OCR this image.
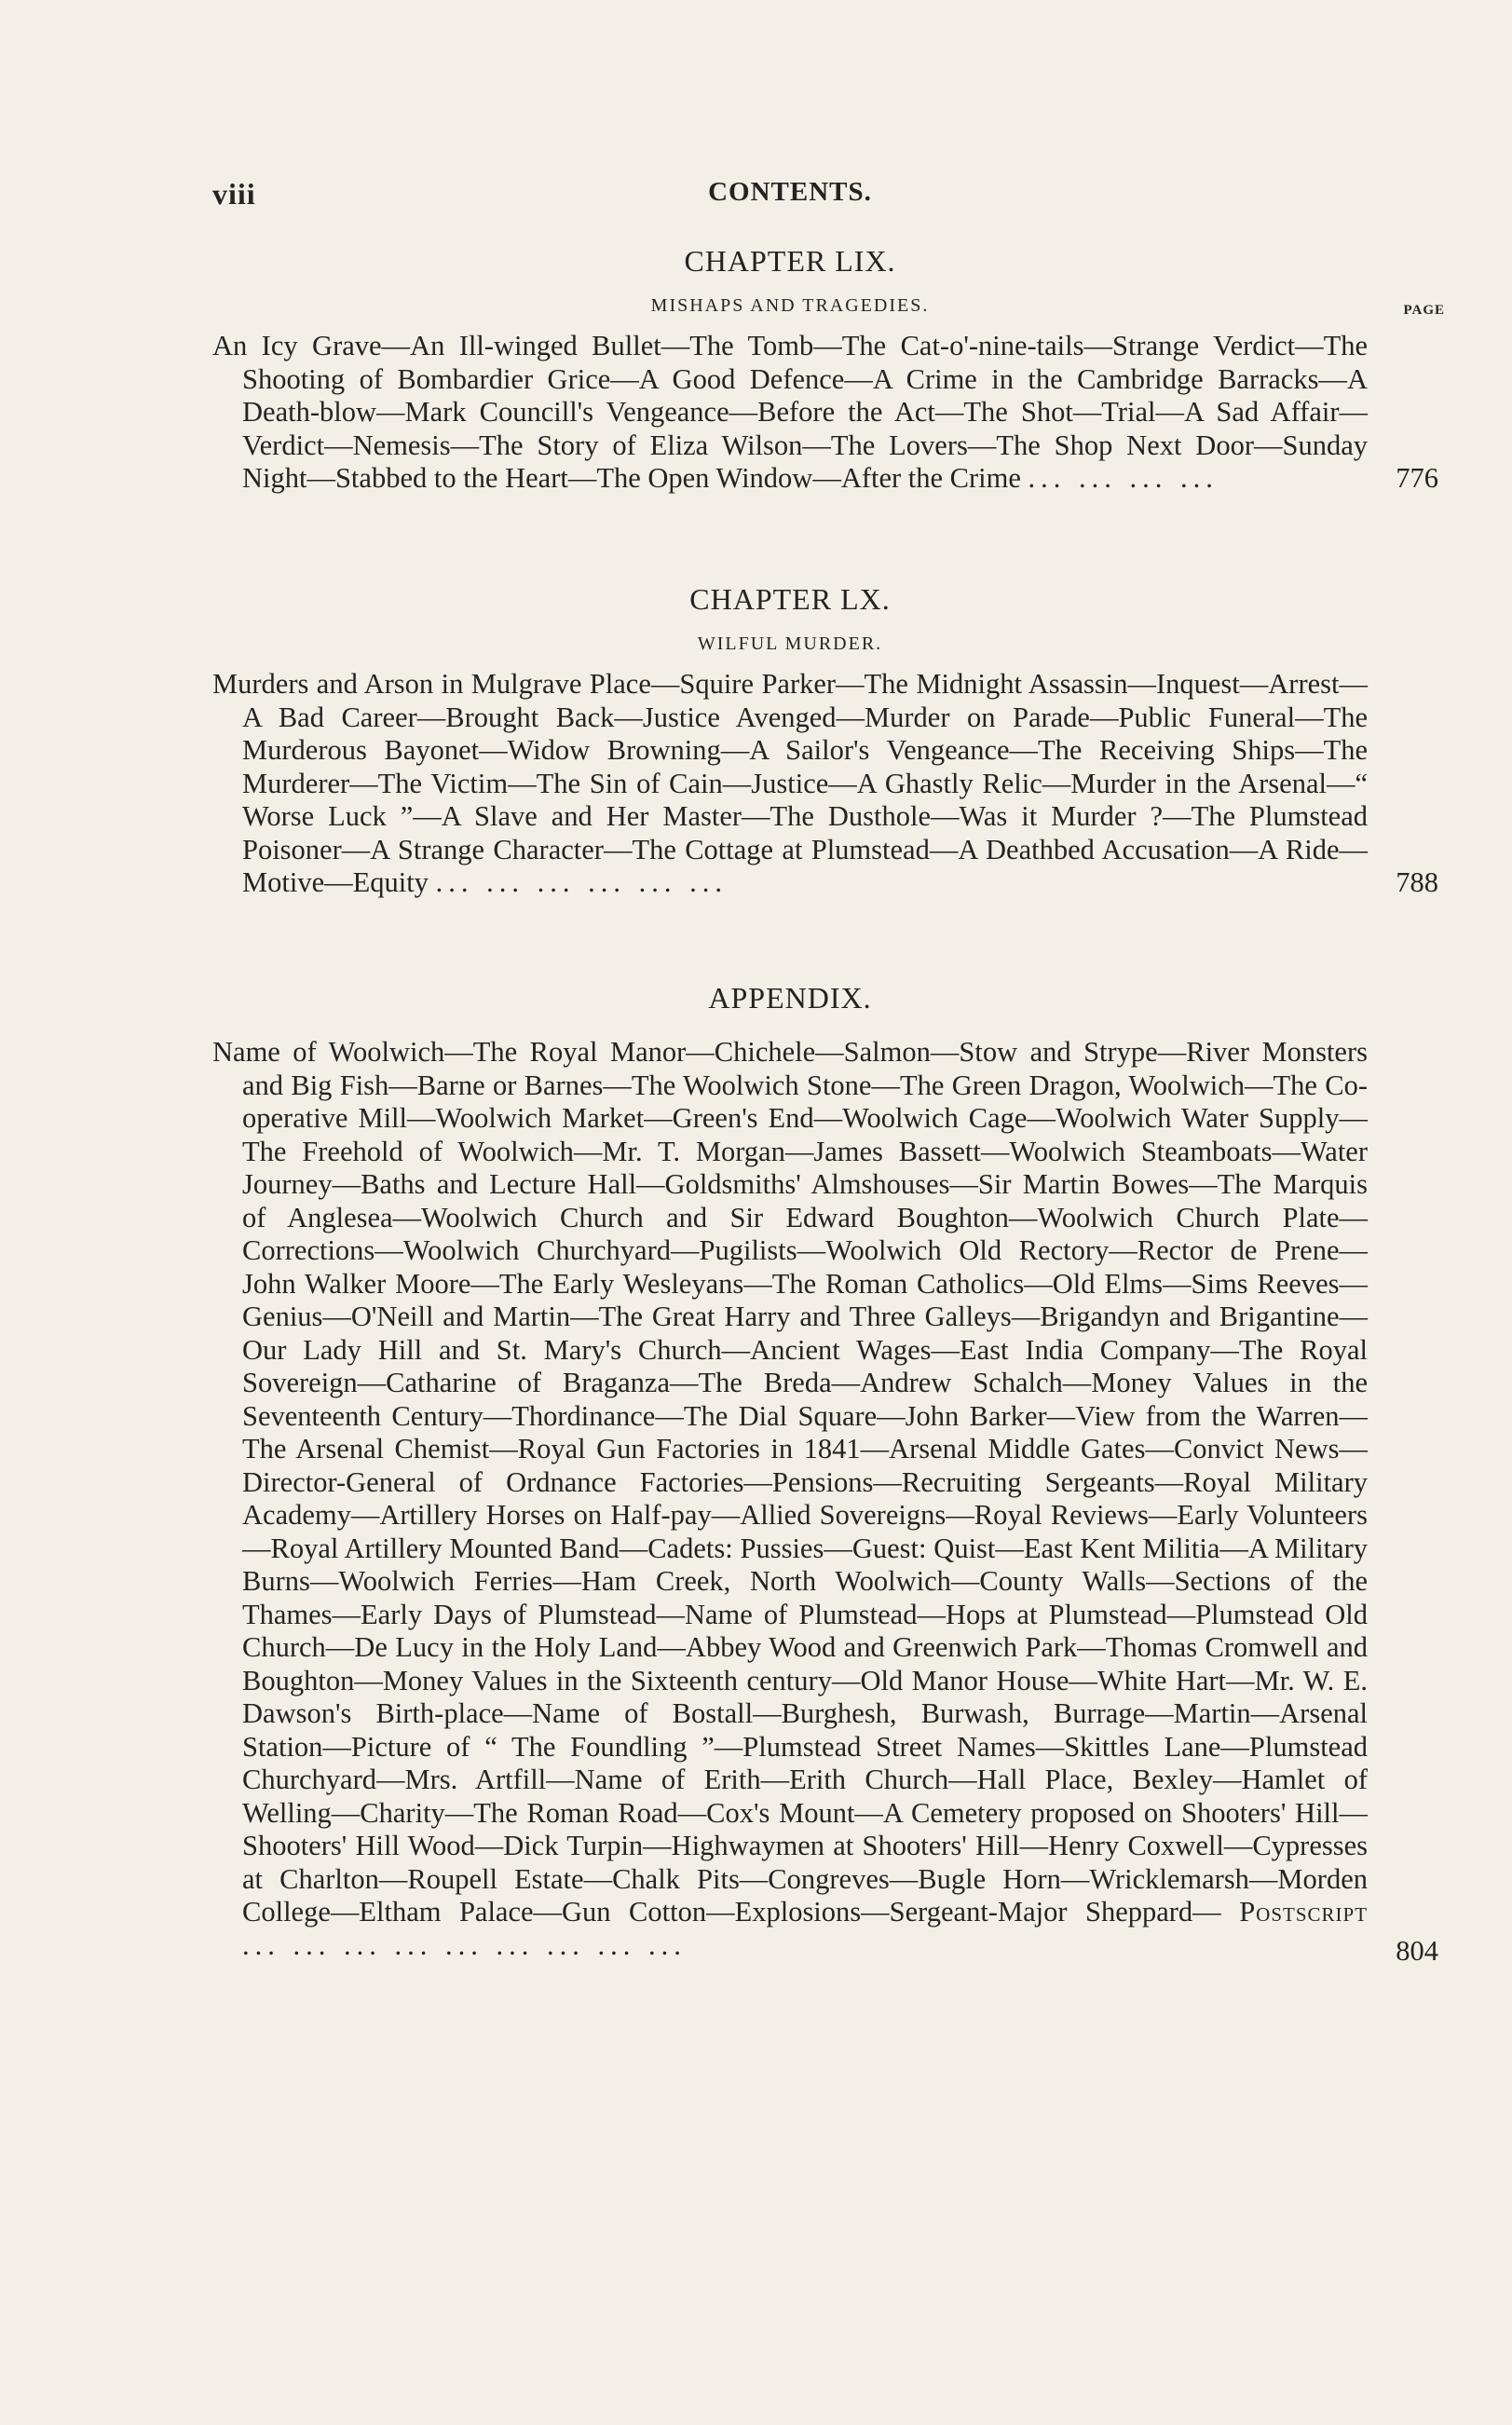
viii	CONTENTS.
PAGE
CHAPTER LIX.
MISHAPS AND TRAGEDIES.
An Icy Grave—An Ill-winged Bullet—The Tomb—The Cat-o'-nine-tails—Strange Verdict—The Shooting of Bombardier Grice—A Good Defence—A Crime in the Cambridge Barracks—A Death-blow—Mark Councill's Vengeance—Before the Act—The Shot—Trial—A Sad Affair—Verdict—Nemesis—The Story of Eliza Wilson—The Lovers—The Shop Next Door—Sunday Night—Stabbed to the Heart—The Open Window—After the Crime ... ... ... ...	776
CHAPTER LX.
WILFUL MURDER.
Murders and Arson in Mulgrave Place—Squire Parker—The Midnight Assassin—Inquest—Arrest—A Bad Career—Brought Back—Justice Avenged—Murder on Parade—Public Funeral—The Murderous Bayonet—Widow Browning—A Sailor's Vengeance—The Receiving Ships—The Murderer—The Victim—The Sin of Cain—Justice—A Ghastly Relic—Murder in the Arsenal—“ Worse Luck ”—A Slave and Her Master—The Dusthole—Was it Murder ?—The Plumstead Poisoner—A Strange Character—The Cottage at Plumstead—A Deathbed Accusation—A Ride—Motive—Equity ... ... ... ... ... ...	788
APPENDIX.
Name of Woolwich—The Royal Manor—Chichele—Salmon—Stow and Strype—River Monsters and Big Fish—Barne or Barnes—The Woolwich Stone—The Green Dragon, Woolwich—The Co-operative Mill—Woolwich Market—Green's End—Woolwich Cage—Woolwich Water Supply—The Freehold of Woolwich—Mr. T. Morgan—James Bassett—Woolwich Steamboats—Water Journey—Baths and Lecture Hall—Goldsmiths' Almshouses—Sir Martin Bowes—The Marquis of Anglesea—Woolwich Church and Sir Edward Boughton—Woolwich Church Plate—Corrections—Woolwich Churchyard—Pugilists—Woolwich Old Rectory—Rector de Prene—John Walker Moore—The Early Wesleyans—The Roman Catholics—Old Elms—Sims Reeves—Genius—O'Neill and Martin—The Great Harry and Three Galleys—Brigandyn and Brigantine—Our Lady Hill and St. Mary's Church—Ancient Wages—East India Company—The Royal Sovereign—Catharine of Braganza—The Breda—Andrew Schalch—Money Values in the Seventeenth Century—Thordinance—The Dial Square—John Barker—View from the Warren—The Arsenal Chemist—Royal Gun Factories in 1841—Arsenal Middle Gates—Convict News—Director-General of Ordnance Factories—Pensions—Recruiting Sergeants—Royal Military Academy—Artillery Horses on Half-pay—Allied Sovereigns—Royal Reviews—Early Volunteers—Royal Artillery Mounted Band—Cadets: Pussies—Guest: Quist—East Kent Militia—A Military Burns—Woolwich Ferries—Ham Creek, North Woolwich—County Walls—Sections of the Thames—Early Days of Plumstead—Name of Plumstead—Hops at Plumstead—Plumstead Old Church—De Lucy in the Holy Land—Abbey Wood and Greenwich Park—Thomas Cromwell and Boughton—Money Values in the Sixteenth century—Old Manor House—White Hart—Mr. W. E. Dawson's Birth-place—Name of Bostall—Burghesh, Burwash, Burrage—Martin—Arsenal Station—Picture of “ The Foundling ”—Plumstead Street Names—Skittles Lane—Plumstead Churchyard—Mrs. Artfill—Name of Erith—Erith Church—Hall Place, Bexley—Hamlet of Welling—Charity—The Roman Road—Cox's Mount—A Cemetery proposed on Shooters' Hill—Shooters' Hill Wood—Dick Turpin—Highwaymen at Shooters' Hill—Henry Coxwell—Cypresses at Charlton—Roupell Estate—Chalk Pits—Congreves—Bugle Horn—Wricklemarsh—Morden College—Eltham Palace—Gun Cotton—Explosions—Sergeant-Major Sheppard— Postscript ... ... ... ... ... ... ... ... ...	804
